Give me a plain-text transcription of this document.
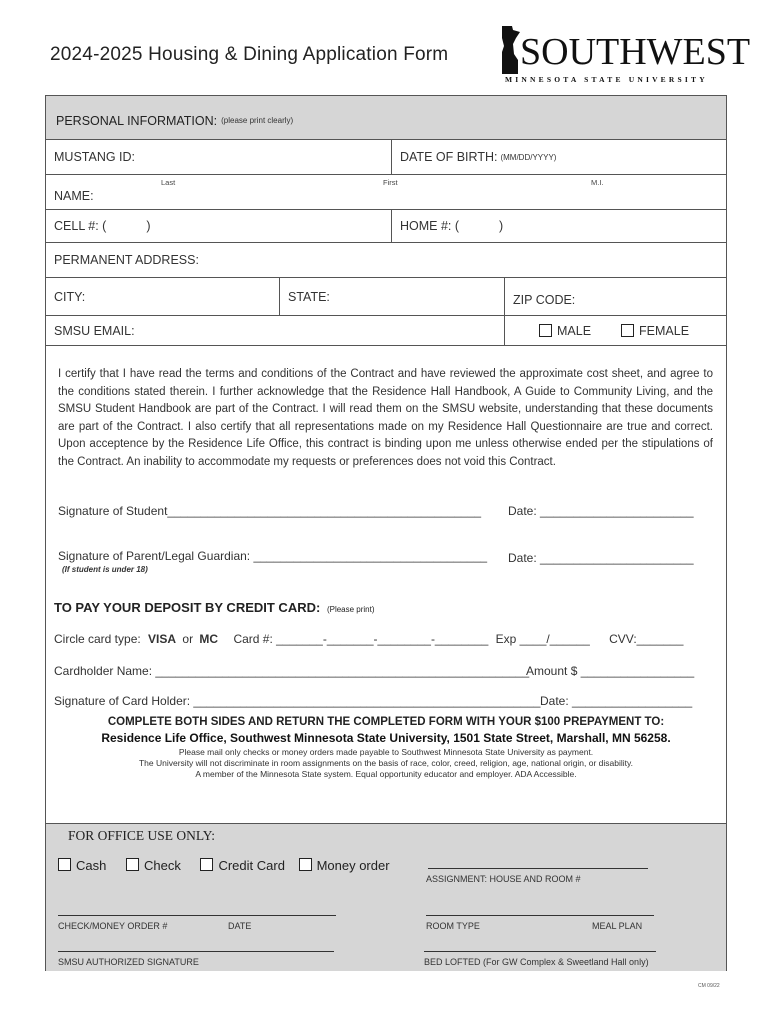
2024-2025 Housing & Dining Application Form SOUTHWEST
MINNESOTA STATE UNIVERSITY
PERSONAL INFORMATION: (please print clearly)
MUSTANG ID:	DATE OF BIRTH: (MM/DD/YYYY)
NAME:
Last	First	M.I.
CELL #: (	)	HOME #: (	)
PERMANENT ADDRESS:
CITY:	STATE:	ZIP CODE:
SMSU EMAIL:	MALE	FEMALE
I certify that I have read the terms and conditions of the Contract and have reviewed the approximate cost sheet, and agree to the conditions stated therein. I further acknowledge that the Residence Hall Handbook, A Guide to Community Living, and the SMSU Student Handbook are part of the Contract. I will read them on the SMSU website, understanding that these documents are part of the Contract. I also certify that all representations made on my Residence Hall Questionnaire are true and correct. Upon acceptence by the Residence Life Office, this contract is binding upon me unless otherwise ended per the stipulations of the Contract. An inability to accommodate my requests or preferences does not void this Contract.
Signature of Student_______________________________________________ Date: _______________________
Signature of Parent/Legal Guardian: ___________________________________ Date: _______________________
(If student is under 18)
TO PAY YOUR DEPOSIT BY CREDIT CARD: (Please print)
Circle card type: VISA or MC Card #: _______-_______-________-________ Exp ____/______ CVV:_______
Cardholder Name: ________________________________________________________
Amount $ _________________
Signature of Card Holder: ____________________________________________________ Date: __________________
COMPLETE BOTH SIDES AND RETURN THE COMPLETED FORM WITH YOUR $100 PREPAYMENT TO:
Residence Life Office, Southwest Minnesota State University, 1501 State Street, Marshall, MN 56258.
Please mail only checks or money orders made payable to Southwest Minnesota State University as payment.
The University will not discriminate in room assignments on the basis of race, color, creed, religion, age, national origin, or disability.
A member of the Minnesota State system. Equal opportunity educator and employer. ADA Accessible.
FOR OFFICE USE ONLY:
Cash	Check	Credit Card Money order
ASSIGNMENT: HOUSE AND ROOM #
CHECK/MONEY ORDER #	DATE	ROOM TYPE	MEAL PLAN
SMSU AUTHORIZED SIGNATURE	BED LOFTED (For GW Complex & Sweetland Hall only)
CM 09/22
